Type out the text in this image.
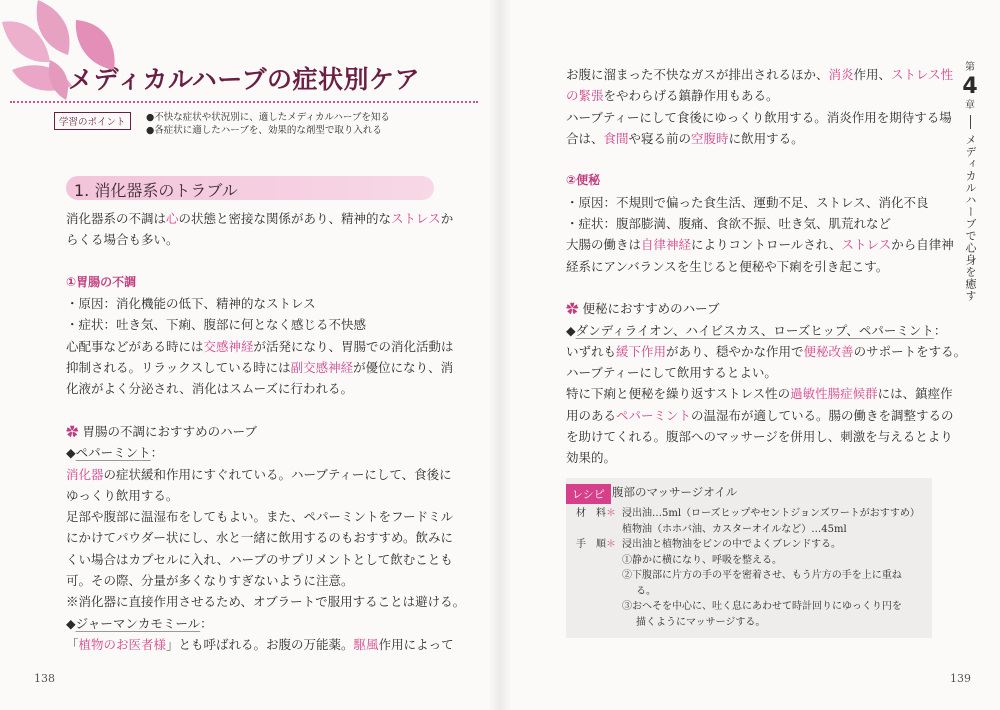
メディカルハーブの症状別ケア
学習のポイント	●不快な症状や状況別に、適したメディカルハーブを知る
●各症状に適したハーブを、効果的な剤型で取り入れる
1. 消化器系のトラブル
消化器系の不調は心の状態と密接な関係があり、精神的なストレスか
らくる場合も多い。
①胃腸の不調
・原因：消化機能の低下、精神的なストレス
・症状：吐き気、下痢、腹部に何となく感じる不快感
心配事などがある時には交感神経が活発になり、胃腸での消化活動は
抑制される。リラックスしている時には副交感神経が優位になり、消
化液がよく分泌され、消化はスムーズに行われる。
✿ 胃腸の不調におすすめのハーブ
◆ペパーミント：
消化器の症状緩和作用にすぐれている。ハーブティーにして、食後に
ゆっくり飲用する。
足部や腹部に温湿布をしてもよい。また、ペパーミントをフードミル
にかけてパウダー状にし、水と一緒に飲用するのもおすすめ。飲みに
くい場合はカプセルに入れ、ハーブのサプリメントとして飲むことも
可。その際、分量が多くなりすぎないように注意。
※消化器に直接作用させるため、オブラートで服用することは避ける。
◆ジャーマンカモミール：
「植物のお医者様」とも呼ばれる。お腹の万能薬。駆風作用によって
138
お腹に溜まった不快なガスが排出されるほか、消炎作用、ストレス性
の緊張をやわらげる鎮静作用もある。
ハーブティーにして食後にゆっくり飲用する。消炎作用を期待する場
合は、食間や寝る前の空腹時に飲用する。
②便秘
・原因：不規則で偏った食生活、運動不足、ストレス、消化不良
・症状：腹部膨満、腹痛、食欲不振、吐き気、肌荒れなど
大腸の働きは自律神経によりコントロールされ、ストレスから自律神
経系にアンバランスを生じると便秘や下痢を引き起こす。
✿ 便秘におすすめのハーブ
◆ダンディライオン、ハイビスカス、ローズヒップ、ペパーミント：
いずれも緩下作用があり、穏やかな作用で便秘改善のサポートをする。
ハーブティーにして飲用するとよい。
特に下痢と便秘を繰り返すストレス性の過敏性腸症候群には、鎮痙作
用のあるペパーミントの温湿布が適している。腸の働きを調整するの
を助けてくれる。腹部へのマッサージを併用し、刺激を与えるとより
効果的。
レシピ 腹部のマッサージオイル
材　料＊ 浸出油…5ml（ローズヒップやセントジョンズワートがおすすめ）
植物油（ホホバ油、カスターオイルなど）…45ml
手　順＊ 浸出油と植物油をビンの中でよくブレンドする。
①静かに横になり、呼吸を整える。
②下腹部に片方の手の平を密着させ、もう片方の手を上に重ね
る。
③おへそを中心に、吐く息にあわせて時計回りにゆっくり円を
描くようにマッサージする。
第
4
章
メディカルハーブで心身を癒す
139
